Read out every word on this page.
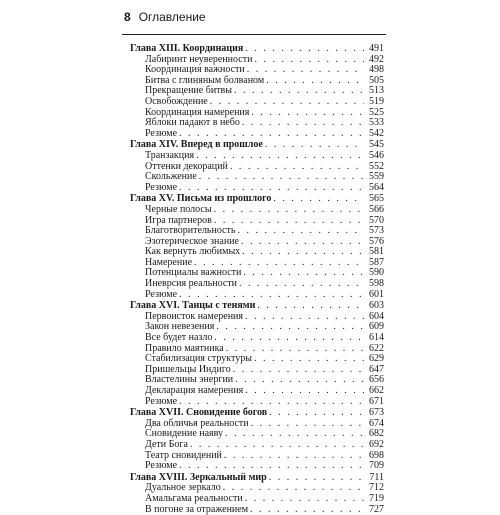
8 Оглавление
Глава XIII. Координация . . .	491
Лабиринт неуверенности . . .	492
Координация важности . . .	498
Битва с глиняным болваном . . .	505
Прекращение битвы . . .	513
Освобождение . . .	519
Координация намерения . . .	525
Яблоки падают в небо . . .	533
Резюме . . .	542
Глава XIV. Вперед в прошлое . . .	545
Транзакция . . .	546
Оттенки декораций . . .	552
Скольжение . . .	559
Резюме . . .	564
Глава XV. Письма из прошлого . . .	565
Черные полосы . . .	566
Игра партнеров . . .	570
Благотворительность . . .	573
Эзотерическое знание . . .	576
Как вернуть любимых . . .	581
Намерение . . .	587
Потенциалы важности . . .	590
Иневрсия реальности . . .	598
Резюме . . .	601
Глава XVI. Танцы с тенями . . .	603
Первоисток намерения . . .	604
Закон невезения . . .	609
Все будет назло . . .	614
Правило маятника . . .	622
Стабилизация структуры . . .	629
Пришельцы Индиго . . .	647
Властелины энергии . . .	656
Декларация намерения . . .	662
Резюме . . .	671
Глава XVII. Сновидение богов . . .	673
Два обличья реальности . . .	674
Сновидение наяву . . .	682
Дети Бога . . .	692
Театр сновидений . . .	698
Резюме . . .	709
Глава XVIII. Зеркальный мир . . .	711
Дуальное зеркало . . .	712
Амальгама реальности . . .	719
В погоне за отражением . . .	727
